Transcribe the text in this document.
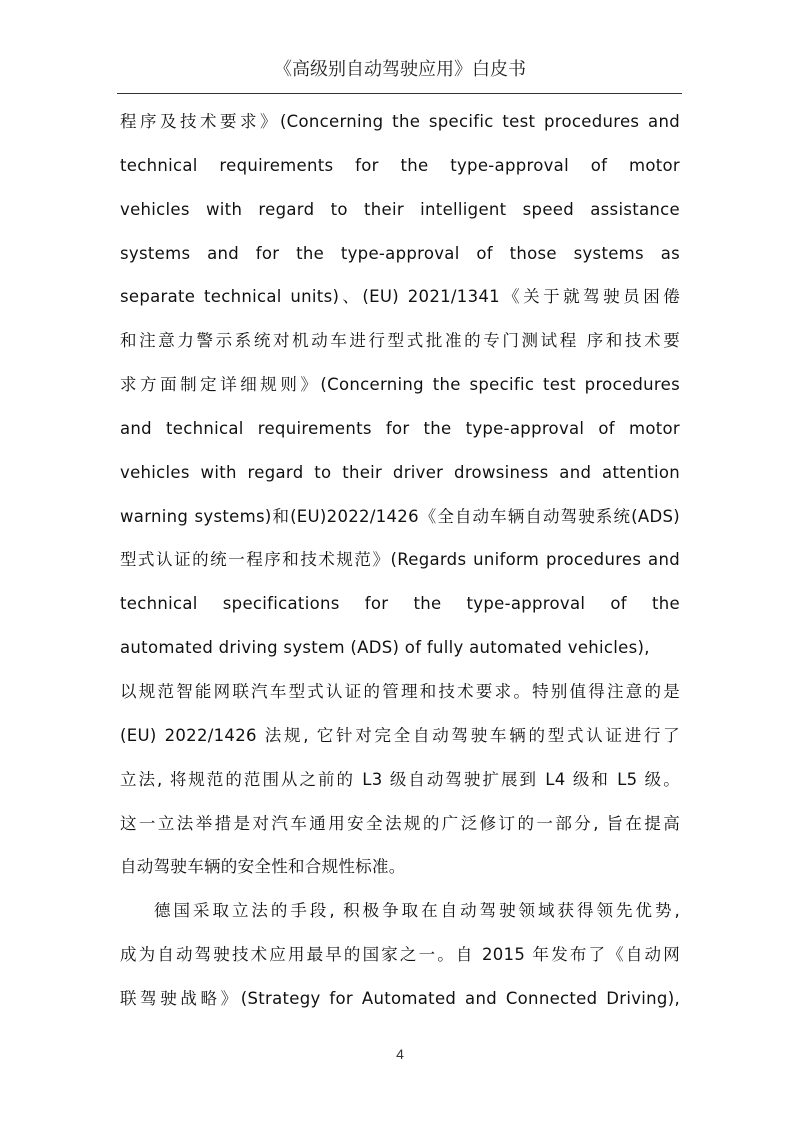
《高级别自动驾驶应用》白皮书
程序及技术要求》(Concerning the specific test procedures and
technical requirements for the type-approval of motor
vehicles with regard to their intelligent speed assistance
systems and for the type-approval of those systems as
separate technical units)、(EU) 2021/1341《关于就驾驶员困倦
和注意力警示系统对机动车进行型式批准的专门测试程 序和技术要
求方面制定详细规则》(Concerning the specific test procedures
and technical requirements for the type-approval of motor
vehicles with regard to their driver drowsiness and attention
warning systems)和(EU)2022/1426《全自动车辆自动驾驶系统(ADS)
型式认证的统一程序和技术规范》(Regards uniform procedures and
technical specifications for the type-approval of the
automated driving system (ADS) of fully automated vehicles),
以规范智能网联汽车型式认证的管理和技术要求。特别值得注意的是
(EU) 2022/1426 法规, 它针对完全自动驾驶车辆的型式认证进行了
立法, 将规范的范围从之前的 L3 级自动驾驶扩展到 L4 级和 L5 级。
这一立法举措是对汽车通用安全法规的广泛修订的一部分, 旨在提高
自动驾驶车辆的安全性和合规性标准。
德国采取立法的手段, 积极争取在自动驾驶领域获得领先优势,
成为自动驾驶技术应用最早的国家之一。自 2015 年发布了《自动网
联驾驶战略》(Strategy for Automated and Connected Driving),
4
